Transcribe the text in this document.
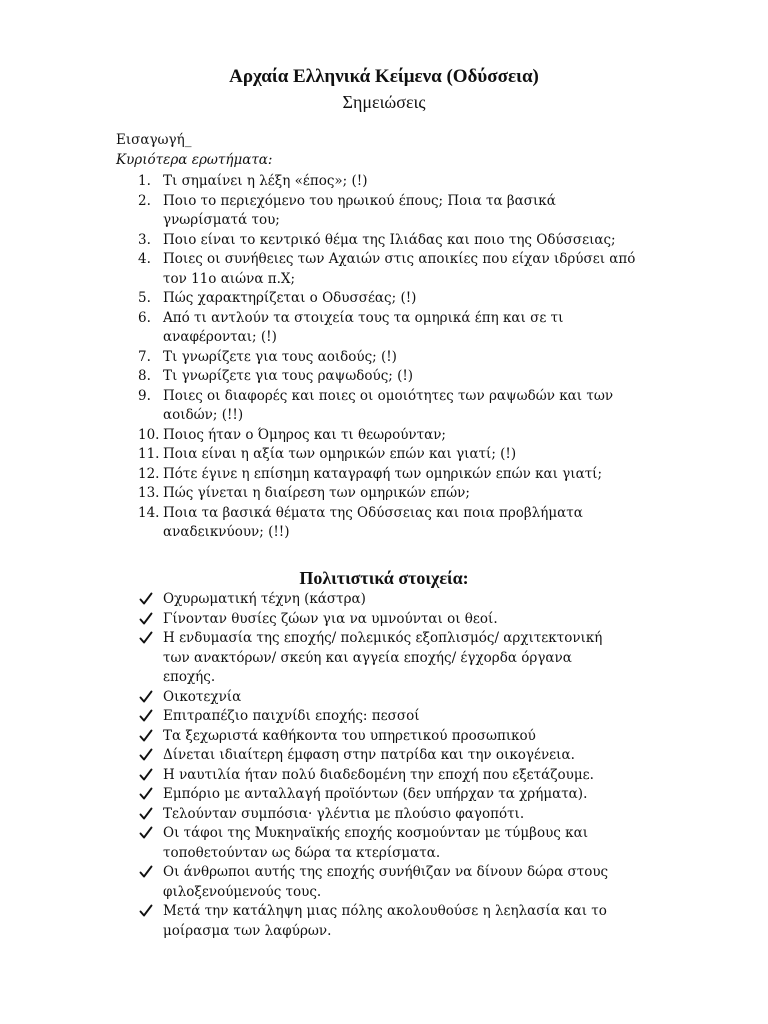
Αρχαία Ελληνικά Κείμενα (Οδύσσεια)
Σημειώσεις
Εισαγωγή_
Κυριότερα ερωτήματα:
1. Τι σημαίνει η λέξη «έπος»; (!)
2. Ποιο το περιεχόμενο του ηρωικού έπους; Ποια τα βασικά
γνωρίσματά του;
3. Ποιο είναι το κεντρικό θέμα της Ιλιάδας και ποιο της Οδύσσειας;
4. Ποιες οι συνήθειες των Αχαιών στις αποικίες που είχαν ιδρύσει από
τον 11ο αιώνα π.Χ;
5. Πώς χαρακτηρίζεται ο Οδυσσέας; (!)
6. Από τι αντλούν τα στοιχεία τους τα ομηρικά έπη και σε τι
αναφέρονται; (!)
7. Τι γνωρίζετε για τους αοιδούς; (!)
8. Τι γνωρίζετε για τους ραψωδούς; (!)
9. Ποιες οι διαφορές και ποιες οι ομοιότητες των ραψωδών και των
αοιδών; (!!)
10. Ποιος ήταν ο Όμηρος και τι θεωρούνταν;
11. Ποια είναι η αξία των ομηρικών επών και γιατί; (!)
12. Πότε έγινε η επίσημη καταγραφή των ομηρικών επών και γιατί;
13. Πώς γίνεται η διαίρεση των ομηρικών επών;
14. Ποια τα βασικά θέματα της Οδύσσειας και ποια προβλήματα
αναδεικνύουν; (!!)
Πολιτιστικά στοιχεία:
Οχυρωματική τέχνη (κάστρα)
Γίνονταν θυσίες ζώων για να υμνούνται οι θεοί.
Η ενδυμασία της εποχής/ πολεμικός εξοπλισμός/ αρχιτεκτονική
των ανακτόρων/ σκεύη και αγγεία εποχής/ έγχορδα όργανα
εποχής.
Οικοτεχνία
Επιτραπέζιο παιχνίδι εποχής: πεσσοί
Τα ξεχωριστά καθήκοντα του υπηρετικού προσωπικού
Δίνεται ιδιαίτερη έμφαση στην πατρίδα και την οικογένεια.
Η ναυτιλία ήταν πολύ διαδεδομένη την εποχή που εξετάζουμε.
Εμπόριο με ανταλλαγή προϊόντων (δεν υπήρχαν τα χρήματα).
Τελούνταν συμπόσια· γλέντια με πλούσιο φαγοπότι.
Οι τάφοι της Μυκηναϊκής εποχής κοσμούνταν με τύμβους και
τοποθετούνταν ως δώρα τα κτερίσματα.
Οι άνθρωποι αυτής της εποχής συνήθιζαν να δίνουν δώρα στους
φιλοξενούμενούς τους.
Μετά την κατάληψη μιας πόλης ακολουθούσε η λεηλασία και το
μοίρασμα των λαφύρων.
